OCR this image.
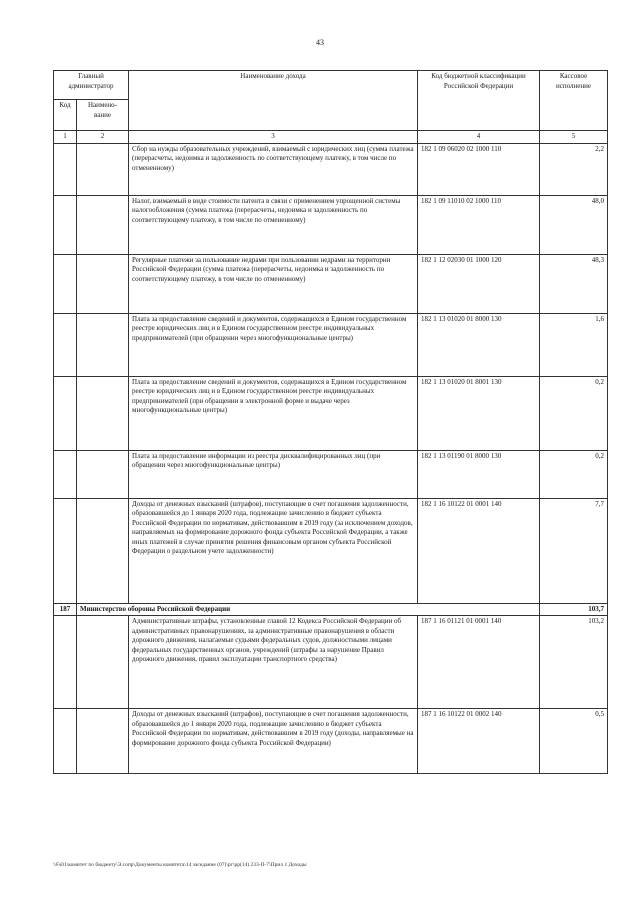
43
Главный администратор		Наименование дохода	Код бюджетной классификации Российской Федерации	Кассовое исполнение
Код	Наимено-вание			
1	2	3	4	5
		Сбор на нужды образовательных учреждений, взимаемый с юридических лиц (сумма платежа (перерасчеты, недоимка и задолженность по соответствующему платежу, в том числе по отмененному)	182 1 09 06020 02 1000 110	2,2
		Налог, взимаемый в виде стоимости патента в связи с применением упрощенной системы налогообложения (сумма платежа (перерасчеты, недоимка и задолженность по соответствующему платежу, в том числе по отмененному)	182 1 09 11010 02 1000 110	48,0
		Регулярные платежи за пользование недрами при пользовании недрами на территории Российской Федерации (сумма платежа (перерасчеты, недоимка и задолженность по соответствующему платежу, в том числе по отмененному)	182 1 12 02030 01 1000 120	48,3
		Плата за предоставление сведений и документов, содержащихся в Едином государственном реестре юридических лиц и в Едином государственном реестре индивидуальных предпринимателей (при обращении через многофункциональные центры)	182 1 13 01020 01 8000 130	1,6
		Плата за предоставление сведений и документов, содержащихся в Едином государственном реестре юридических лиц и в Едином государственном реестре индивидуальных предпринимателей (при обращении в электронной форме и выдаче через многофункциональные центры)	182 1 13 01020 01 8001 130	0,2
		Плата за предоставление информации из реестра дисквалифицированных лиц (при обращении через многофункциональные центры)	182 1 13 01190 01 8000 130	0,2
		Доходы от денежных взысканий (штрафов), поступающие в счет погашения задолженности, образовавшейся до 1 января 2020 года, подлежащие зачислению в бюджет субъекта Российской Федерации по нормативам, действовавшим в 2019 году (за исключением доходов, направляемых на формирование дорожного фонда субъекта Российской Федерации, а также иных платежей в случае принятия решения финансовым органом субъекта Российской Федерации о раздельном учете задолженности)	182 1 16 10122 01 0001 140	7,7
187	Министерство обороны Российской Федерации			103,7
		Административные штрафы, установленные главой 12 Кодекса Российской Федерации об административных правонарушениях, за административные правонарушения в области дорожного движения, налагаемые судьями федеральных судов, должностными лицами федеральных государственных органов, учреждений (штрафы за нарушение Правил дорожного движения, правил эксплуатации транспортного средства)	187 1 16 01121 01 0001 140	103,2
		Доходы от денежных взысканий (штрафов), поступающие в счет погашения задолженности, образовавшейся до 1 января 2020 года, подлежащие зачислению в бюджет субъекта Российской Федерации по нормативам, действовавшим в 2019 году (доходы, направляемые на формирование дорожного фонда субъекта Российской Федерации)	187 1 16 10122 01 0002 140	0,5
\\Fs01\комитет по бюджету\Э.сопр\Документы комитета\14 заседание (07)\рг\рр(14) 233-П-7\Прил 1 Доходы
